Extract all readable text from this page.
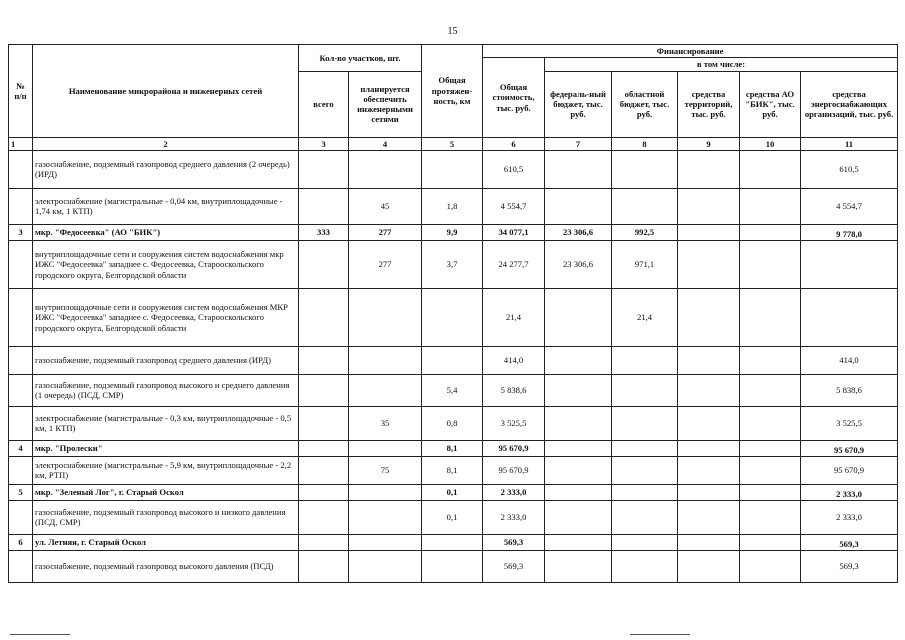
15
№
п/п	Наименование микрорайона и инженерных сетей	Кол-во участков, шт.		Общая протяжен-ность, км	Финансирование					
					Общая стоимость, тыс. руб.	в том числе:				
		всего	планируется обеспечить инженерными сетями			федераль-ный бюджет, тыс. руб.	областной бюджет, тыс. руб.	средства территорий, тыс. руб.	средства АО "БИК", тыс. руб.	средства энергоснабжающих организаций, тыс. руб.
1	2	3	4	5	6	7	8	9	10	11
	газоснабжение, подземный газопровод среднего давления (2 очередь) (ИРД)				610,5					610,5
	электроснабжение (магистральные - 0,04 км, внутриплощадочные - 1,74 км, 1 КТП)		45	1,8	4 554,7					4 554,7
3	мкр. "Федосеевка" (АО "БИК")	333	277	9,9	34 077,1	23 306,6	992,5			9 778,0
	внутриплощадочные сети и сооружения систем водоснабжения мкр ИЖС "Федосеевка" западнее с. Федосеевка, Старооскольского городского округа, Белгородской области		277	3,7	24 277,7	23 306,6	971,1			
	внутриплощадочные сети и сооружения систем водоснабжения МКР ИЖС "Федосеевка" западнее с. Федосеевка, Старооскольского городского округа, Белгородской области				21,4		21,4			
	газоснабжение, подземный газопровод среднего давления (ИРД)				414,0					414,0
	газоснабжение, подземный газопровод высокого и среднего давления (1 очередь) (ПСД, СМР)			5,4	5 838,6					5 838,6
	электроснабжение (магистральные - 0,3 км, внутриплощадочные - 0,5 км, 1 КТП)		35	0,8	3 525,5					3 525,5
4	мкр. "Пролески"			8,1	95 670,9					95 670,9
	электроснабжение (магистральные - 5,9 км, внутриплощадочные - 2,2 км, РТП)		75	8,1	95 670,9					95 670,9
5	мкр. "Зеленый Лог", г. Старый Оскол			0,1	2 333,0					2 333,0
	газоснабжение, подземный газопровод высокого и низкого давления (ПСД, СМР)			0,1	2 333,0					2 333,0
6	ул. Летняя, г. Старый Оскол				569,3					569,3
	газоснабжение, подземный газопровод высокого давления (ПСД)				569,3					569,3
